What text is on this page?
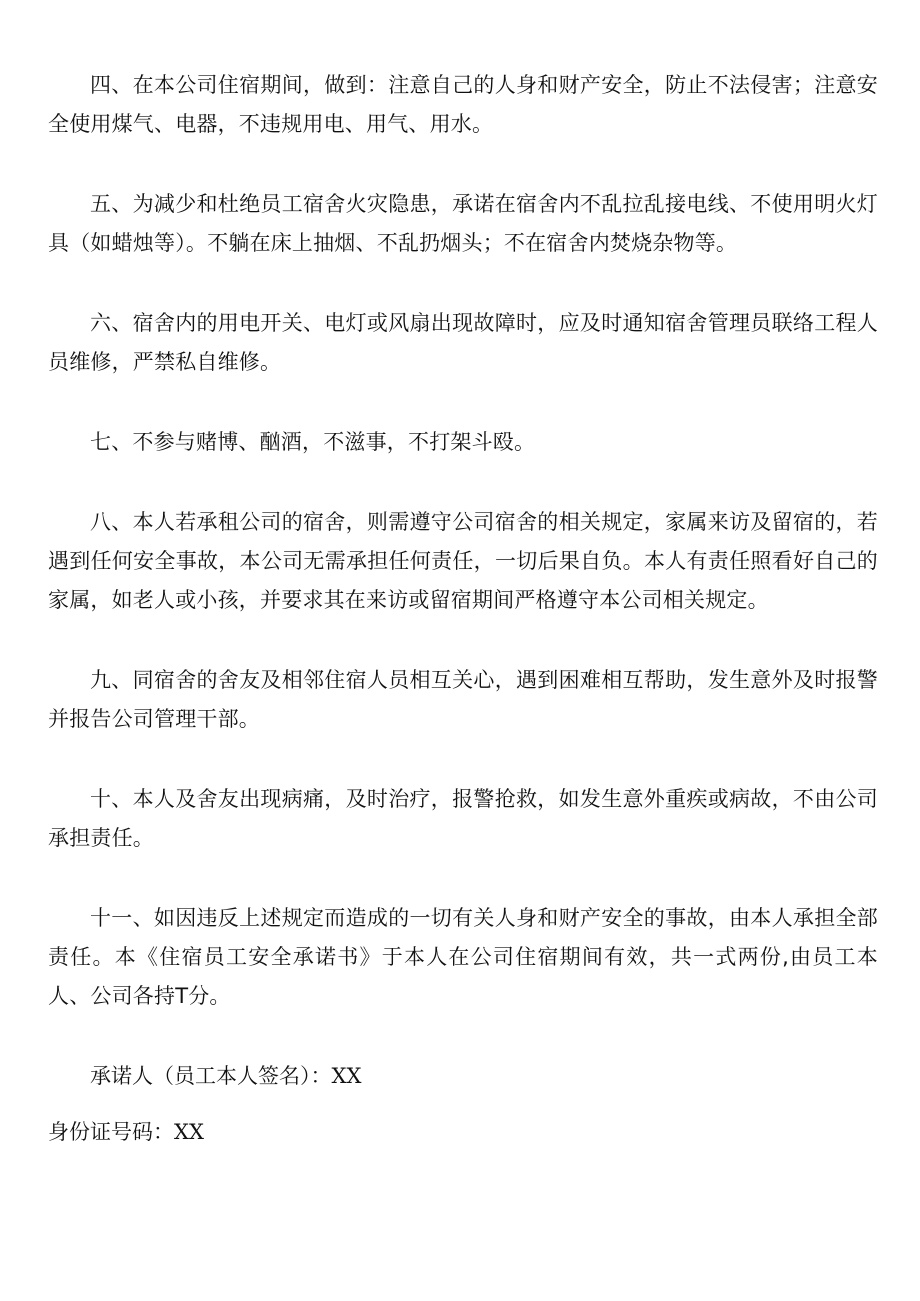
四、在本公司住宿期间，做到：注意自己的人身和财产安全，防止不法侵害；注意安全使用煤气、电器，不违规用电、用气、用水。

五、为减少和杜绝员工宿舍火灾隐患，承诺在宿舍内不乱拉乱接电线、不使用明火灯具（如蜡烛等）。不躺在床上抽烟、不乱扔烟头；不在宿舍内焚烧杂物等。

六、宿舍内的用电开关、电灯或风扇出现故障时，应及时通知宿舍管理员联络工程人员维修，严禁私自维修。

七、不参与赌博、酗酒，不滋事，不打架斗殴。

八、本人若承租公司的宿舍，则需遵守公司宿舍的相关规定，家属来访及留宿的，若遇到任何安全事故，本公司无需承担任何责任，一切后果自负。本人有责任照看好自己的家属，如老人或小孩，并要求其在来访或留宿期间严格遵守本公司相关规定。

九、同宿舍的舍友及相邻住宿人员相互关心，遇到困难相互帮助，发生意外及时报警并报告公司管理干部。

十、本人及舍友出现病痛，及时治疗，报警抢救，如发生意外重疾或病故，不由公司承担责任。

十一、如因违反上述规定而造成的一切有关人身和财产安全的事故，由本人承担全部责任。本《住宿员工安全承诺书》于本人在公司住宿期间有效，共一式两份,由员工本人、公司各持T分。

承诺人（员工本人签名）：XX

身份证号码：XX
